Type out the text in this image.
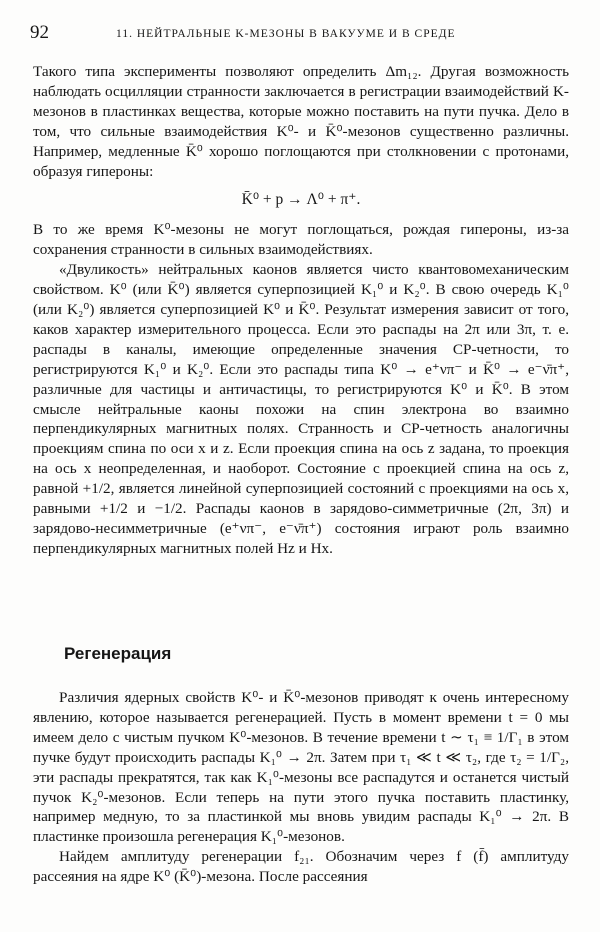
92	11. НЕЙТРАЛЬНЫЕ K-МЕЗОНЫ В ВАКУУМЕ И В СРЕДЕ

Такого типа эксперименты позволяют определить Δm₁₂. Другая возможность наблюдать осцилляции странности заключается в регистрации взаимодействий K-мезонов в пластинках вещества, которые можно поставить на пути пучка. Дело в том, что сильные взаимодействия K⁰- и K̄⁰-мезонов существенно различны. Например, медленные K̄⁰ хорошо поглощаются при столкновении с протонами, образуя гипероны:

K̄⁰ + p → Λ⁰ + π⁺.

В то же время K⁰-мезоны не могут поглощаться, рождая гипероны, из-за сохранения странности в сильных взаимодействиях.

«Двуликость» нейтральных каонов является чисто квантовомеханическим свойством. K⁰ (или K̄⁰) является суперпозицией K₁⁰ и K₂⁰. В свою очередь K₁⁰ (или K₂⁰) является суперпозицией K⁰ и K̄⁰. Результат измерения зависит от того, каков характер измерительного процесса. Если это распады на 2π или 3π, т. е. распады в каналы, имеющие определенные значения CP-четности, то регистрируются K₁⁰ и K₂⁰. Если это распады типа K⁰ → e⁺νπ⁻ и K̄⁰ → e⁻ν̄π⁺, различные для частицы и античастицы, то регистрируются K⁰ и K̄⁰. В этом смысле нейтральные каоны похожи на спин электрона во взаимно перпендикулярных магнитных полях. Странность и CP-четность аналогичны проекциям спина по оси x и z. Если проекция спина на ось z задана, то проекция на ось x неопределенная, и наоборот. Состояние с проекцией спина на ось z, равной +1/2, является линейной суперпозицией состояний с проекциями на ось x, равными +1/2 и −1/2. Распады каонов в зарядово-симметричные (2π, 3π) и зарядово-несимметричные (e⁺νπ⁻, e⁻ν̄π⁺) состояния играют роль взаимно перпендикулярных магнитных полей Hz и Hx.

Регенерация

Различия ядерных свойств K⁰- и K̄⁰-мезонов приводят к очень интересному явлению, которое называется регенерацией. Пусть в момент времени t = 0 мы имеем дело с чистым пучком K⁰-мезонов. В течение времени t ∼ τ₁ ≡ 1/Γ₁ в этом пучке будут происходить распады K₁⁰ → 2π. Затем при τ₁ ≪ t ≪ τ₂, где τ₂ = 1/Γ₂, эти распады прекратятся, так как K₁⁰-мезоны все распадутся и останется чистый пучок K₂⁰-мезонов. Если теперь на пути этого пучка поставить пластинку, например медную, то за пластинкой мы вновь увидим распады K₁⁰ → 2π. В пластинке произошла регенерация K₁⁰-мезонов.

Найдем амплитуду регенерации f₂₁. Обозначим через f (f̄) амплитуду рассеяния на ядре K⁰ (K̄⁰)-мезона. После рассеяния
